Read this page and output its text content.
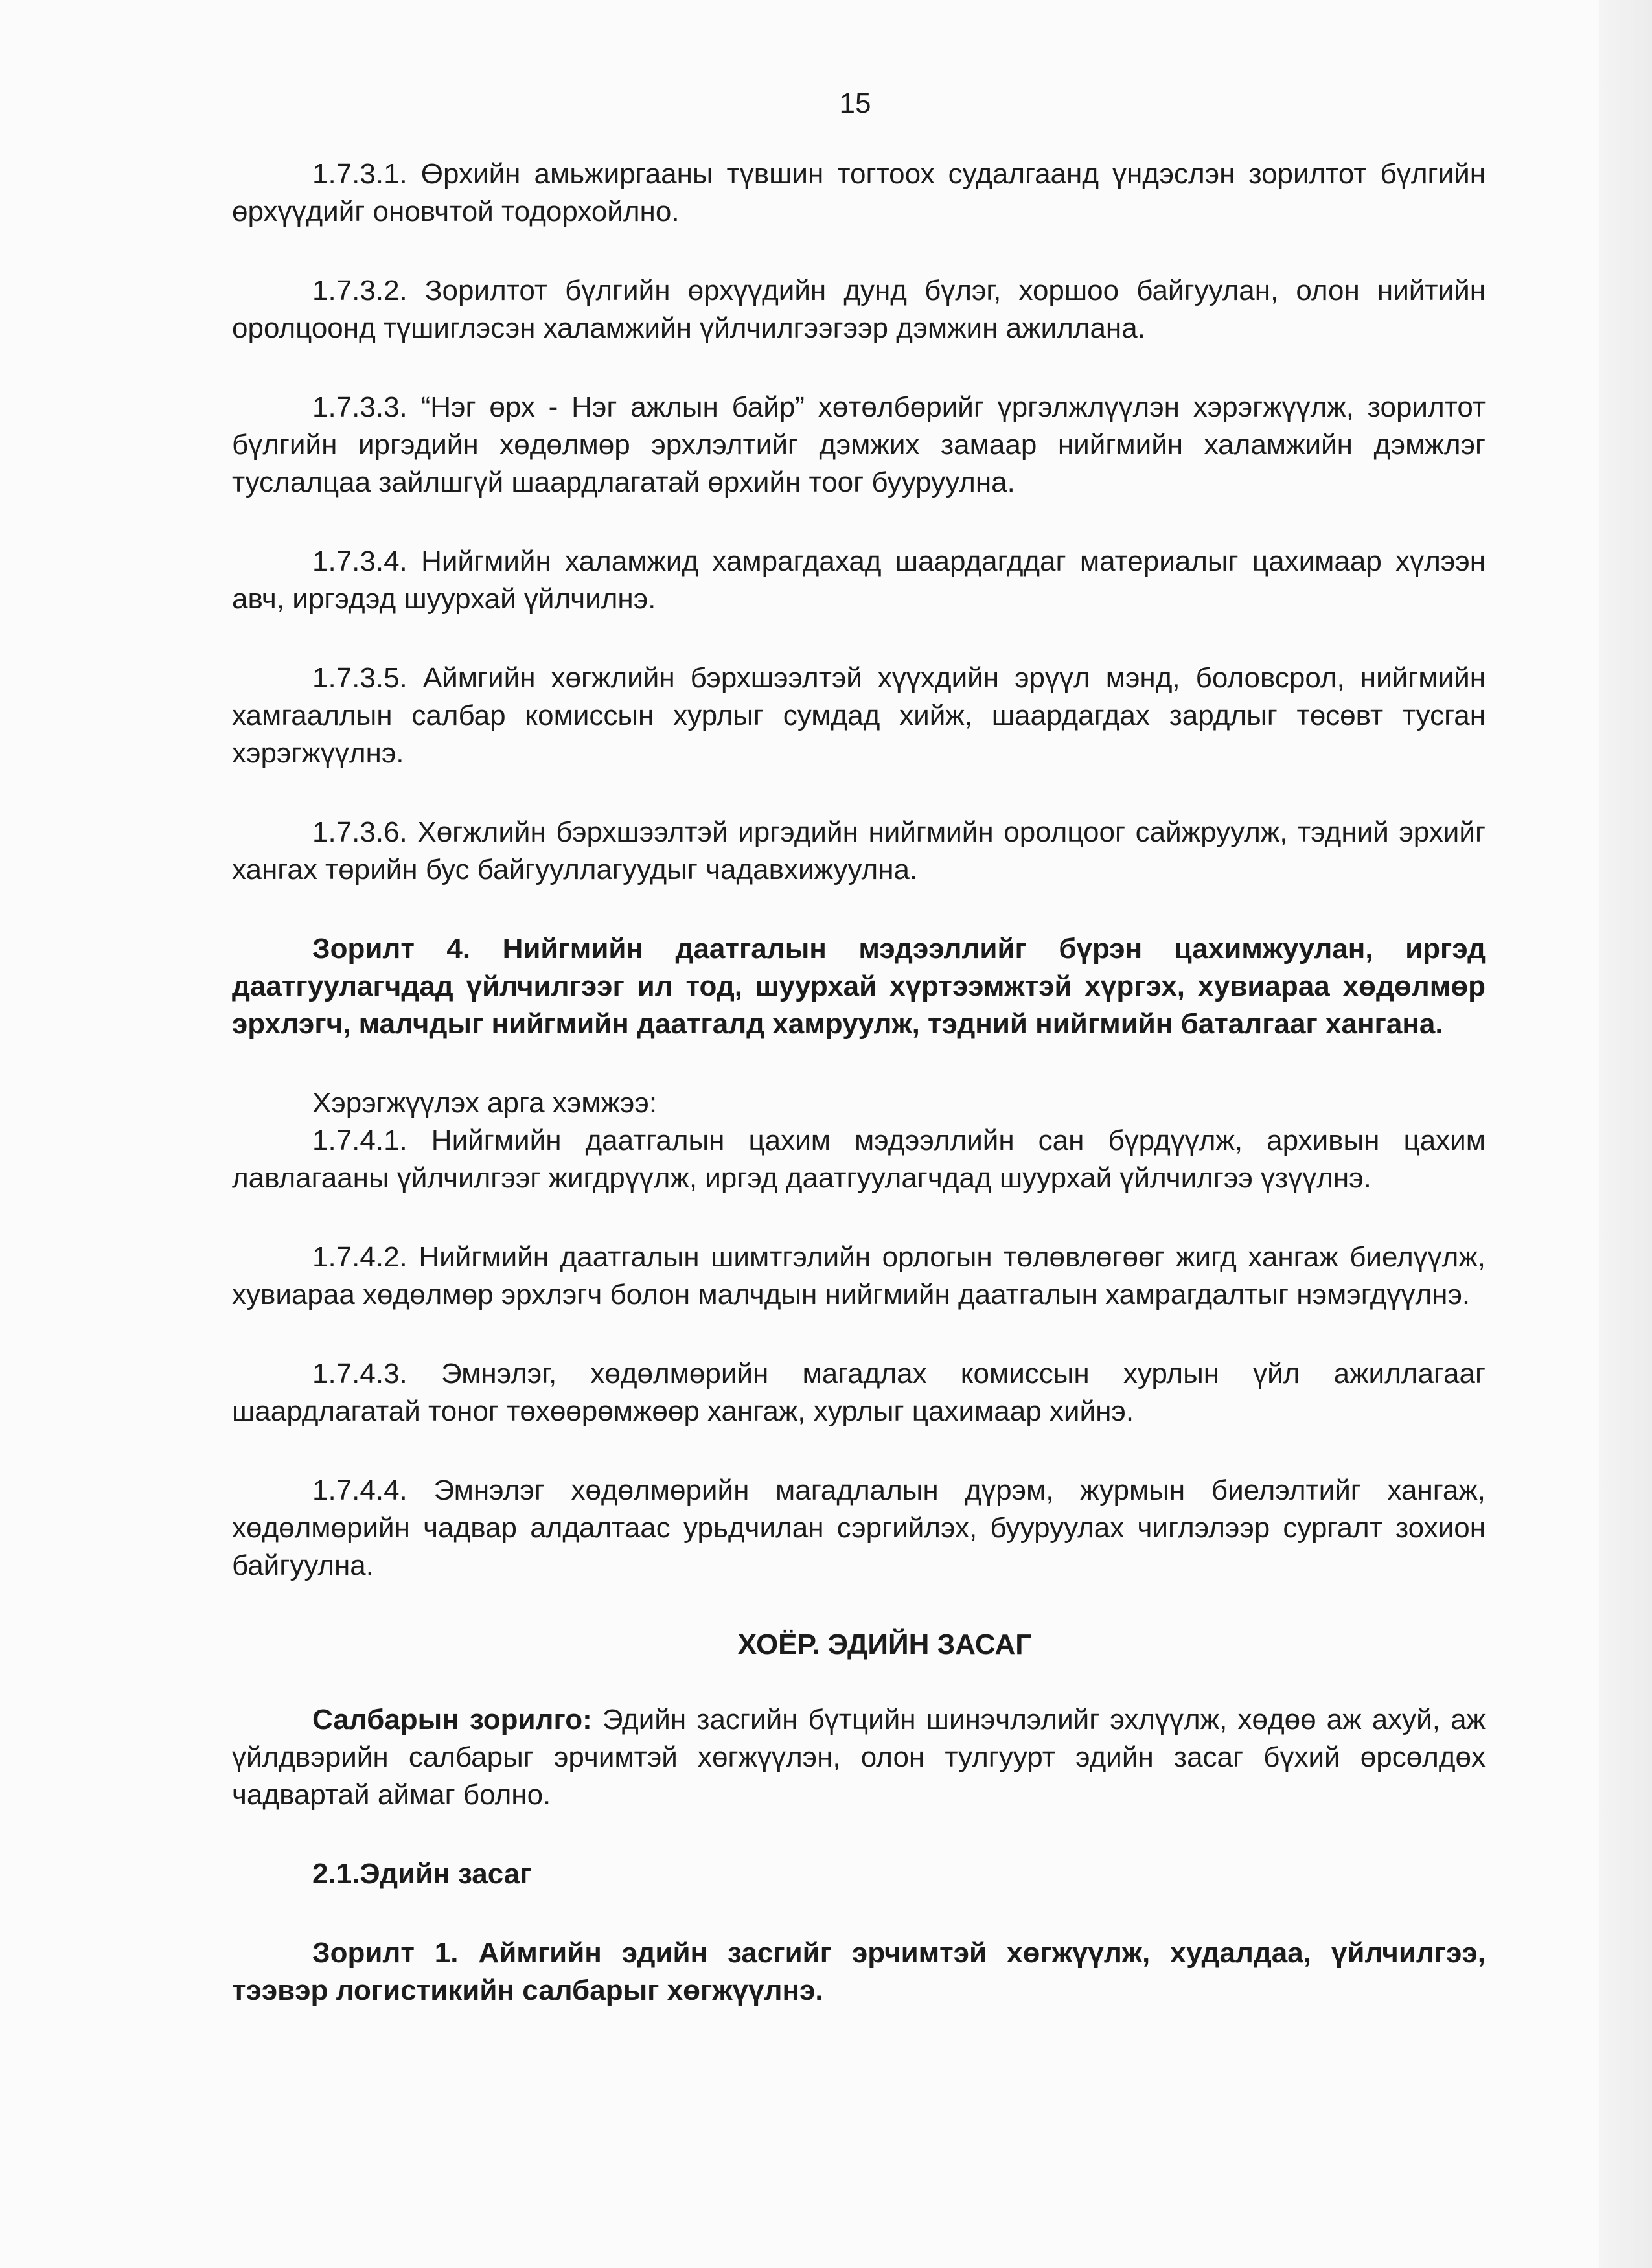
15

1.7.3.1. Өрхийн амьжиргааны түвшин тогтоох судалгаанд үндэслэн зорилтот бүлгийн өрхүүдийг оновчтой тодорхойлно.

1.7.3.2. Зорилтот бүлгийн өрхүүдийн дунд бүлэг, хоршоо байгуулан, олон нийтийн оролцоонд түшиглэсэн халамжийн үйлчилгээгээр дэмжин ажиллана.

1.7.3.3. “Нэг өрх - Нэг ажлын байр” хөтөлбөрийг үргэлжлүүлэн хэрэгжүүлж, зорилтот бүлгийн иргэдийн хөдөлмөр эрхлэлтийг дэмжих замаар нийгмийн халамжийн дэмжлэг туслалцаа зайлшгүй шаардлагатай өрхийн тоог бууруулна.

1.7.3.4. Нийгмийн халамжид хамрагдахад шаардагддаг материалыг цахимаар хүлээн авч, иргэдэд шуурхай үйлчилнэ.

1.7.3.5. Аймгийн хөгжлийн бэрхшээлтэй хүүхдийн эрүүл мэнд, боловсрол, нийгмийн хамгааллын салбар комиссын хурлыг сумдад хийж, шаардагдах зардлыг төсөвт тусган хэрэгжүүлнэ.

1.7.3.6. Хөгжлийн бэрхшээлтэй иргэдийн нийгмийн оролцоог сайжруулж, тэдний эрхийг хангах төрийн бус байгууллагуудыг чадавхижуулна.

Зорилт 4. Нийгмийн даатгалын мэдээллийг бүрэн цахимжуулан, иргэд даатгуулагчдад үйлчилгээг ил тод, шуурхай хүртээмжтэй хүргэх, хувиараа хөдөлмөр эрхлэгч, малчдыг нийгмийн даатгалд хамруулж, тэдний нийгмийн баталгааг хангана.

Хэрэгжүүлэх арга хэмжээ:

1.7.4.1. Нийгмийн даатгалын цахим мэдээллийн сан бүрдүүлж, архивын цахим лавлагааны үйлчилгээг жигдрүүлж, иргэд даатгуулагчдад шуурхай үйлчилгээ үзүүлнэ.

1.7.4.2. Нийгмийн даатгалын шимтгэлийн орлогын төлөвлөгөөг жигд хангаж биелүүлж, хувиараа хөдөлмөр эрхлэгч болон малчдын нийгмийн даатгалын хамрагдалтыг нэмэгдүүлнэ.

1.7.4.3. Эмнэлэг, хөдөлмөрийн магадлах комиссын хурлын үйл ажиллагааг шаардлагатай тоног төхөөрөмжөөр хангаж, хурлыг цахимаар хийнэ.

1.7.4.4. Эмнэлэг хөдөлмөрийн магадлалын дүрэм, журмын биелэлтийг хангаж, хөдөлмөрийн чадвар алдалтаас урьдчилан сэргийлэх, бууруулах чиглэлээр сургалт зохион байгуулна.

ХОЁР. ЭДИЙН ЗАСАГ

Салбарын зорилго: Эдийн засгийн бүтцийн шинэчлэлийг эхлүүлж, хөдөө аж ахуй, аж үйлдвэрийн салбарыг эрчимтэй хөгжүүлэн, олон тулгуурт эдийн засаг бүхий өрсөлдөх чадвартай аймаг болно.

2.1.Эдийн засаг

Зорилт 1. Аймгийн эдийн засгийг эрчимтэй хөгжүүлж, худалдаа, үйлчилгээ, тээвэр логистикийн салбарыг хөгжүүлнэ.
